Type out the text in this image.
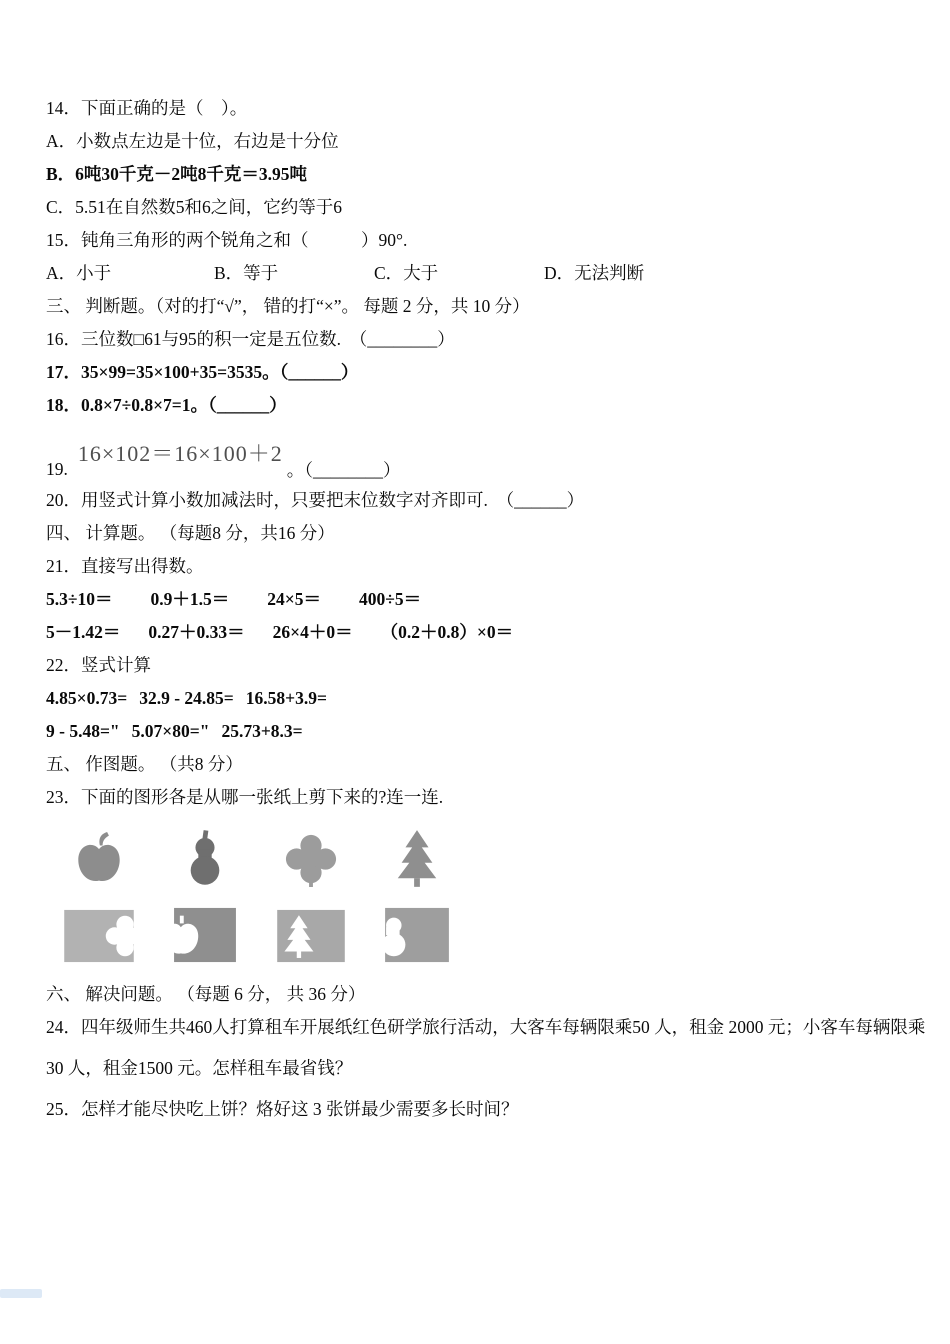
14．下面正确的是（　）。
A．小数点左边是十位，右边是十分位
B．6吨30千克－2吨8千克＝3.95吨
C．5.51在自然数5和6之间，它约等于6
15．钝角三角形的两个锐角之和（　　　）90°.
A．小于	B．等于	C．大于	D．无法判断
三、 判断题。（对的打“√”， 错的打“×”。 每题 2 分，共 10 分）
16．三位数□61与95的积一定是五位数.　（________）
17．35×99=35×100+35=3535。（______）
18．0.8×7÷0.8×7=1。（______）
19.
16×102＝16×100＋2
。（________）
20．用竖式计算小数加减法时，只要把末位数字对齐即可.　（______）
四、 计算题。 （每题8 分，共16 分）
21．直接写出得数。
5.3÷10＝ 0.9＋1.5＝ 24×5＝ 400÷5＝
5－1.42＝ 0.27＋0.33＝ 26×4＋0＝ （0.2＋0.8）×0＝
22．竖式计算
4.85×0.73= 32.9 - 24.85= 16.58+3.9=
9 - 5.48=" 5.07×80=" 25.73+8.3=
五、 作图题。 （共8 分）
23．下面的图形各是从哪一张纸上剪下来的?连一连.
六、 解决问题。 （每题 6 分， 共 36 分）
24．四年级师生共460人打算租车开展纸红色研学旅行活动，大客车每辆限乘50 人，租金 2000 元；小客车每辆限乘
30 人，租金1500 元。怎样租车最省钱？
25．怎样才能尽快吃上饼？烙好这 3 张饼最少需要多长时间？
